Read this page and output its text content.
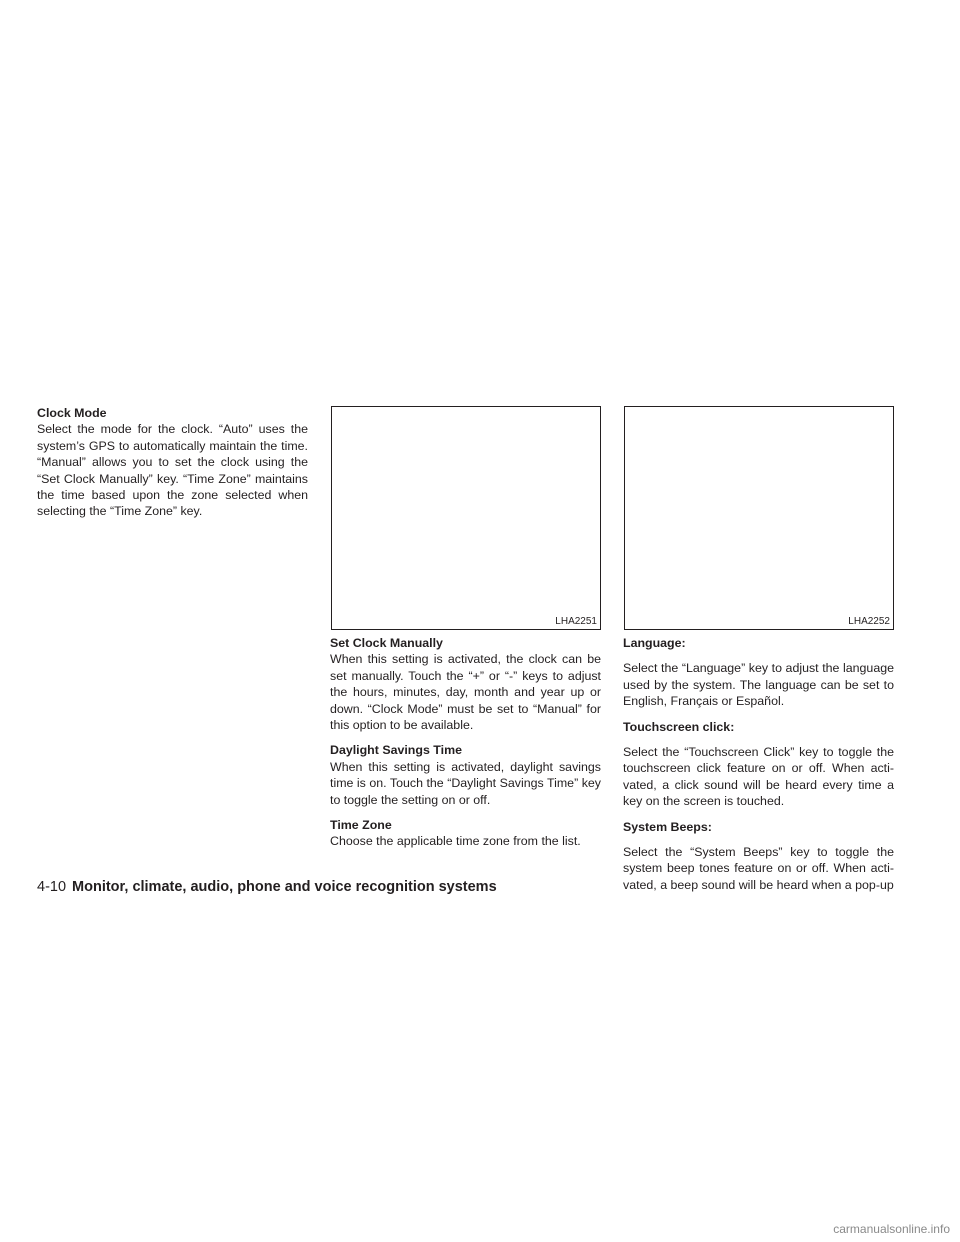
Clock Mode
Select the mode for the clock. “Auto” uses the system’s GPS to automatically maintain the time. “Manual” allows you to set the clock using the “Set Clock Manually” key. “Time Zone” maintains the time based upon the zone selected when selecting the “Time Zone” key.
LHA2251	LHA2252
Set Clock Manually
When this setting is activated, the clock can be set manually. Touch the “+” or “-” keys to adjust the hours, minutes, day, month and year up or down. “Clock Mode” must be set to “Manual” for this option to be available.
Daylight Savings Time
When this setting is activated, daylight savings time is on. Touch the “Daylight Savings Time” key to toggle the setting on or off.
Time Zone
Choose the applicable time zone from the list.
Language:
Select the “Language” key to adjust the language used by the system. The language can be set to English, Français or Español.
Touchscreen click:
Select the “Touchscreen Click” key to toggle the touchscreen click feature on or off. When acti-vated, a click sound will be heard every time a key on the screen is touched.
System Beeps:
Select the “System Beeps” key to toggle the system beep tones feature on or off. When acti-vated, a beep sound will be heard when a pop-up
4-10 Monitor, climate, audio, phone and voice recognition systems
carmanualsonline.info
